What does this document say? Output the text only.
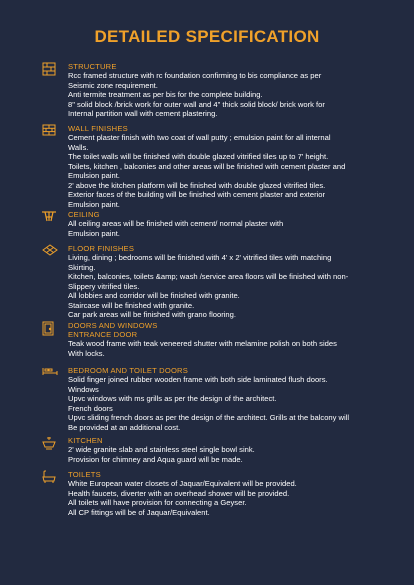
DETAILED SPECIFICATION
STRUCTURE
Rcc framed structure with rc foundation confirming to bis compliance as per
Seismic zone requirement.
Anti termite treatment as per bis for the complete building.
8" solid block /brick work for outer wall and 4" thick solid block/ brick work for
Internal partition wall with cement plastering.
WALL FINISHES
Cement plaster finish with two coat of wall putty ; emulsion paint for all internal
Walls.
The toilet walls will be finished with double glazed vitrified tiles up to 7' height.
Toilets, kitchen , balconies and other areas will be finished with cement plaster and
Emulsion paint.
2' above the kitchen platform will be finished with double glazed vitrified tiles.
Exterior faces of the building will be finished with cement plaster and exterior
Emulsion paint.
CEILING
All ceiling areas will be finished with cement/ normal plaster with
Emulsion paint.
FLOOR FINISHES
Living, dining ; bedrooms will be finished with 4' x 2' vitrified tiles with matching
Skirting.
Kitchen, balconies, toilets &amp; wash /service area floors will be finished with non-
Slippery vitrified tiles.
All lobbies and corridor will be finished with granite.
Staircase will be finished with granite.
Car park areas will be finished with grano flooring.
DOORS AND WINDOWS
ENTRANCE DOOR
Teak wood frame with teak veneered shutter with melamine polish on both sides
With locks.
BEDROOM AND TOILET DOORS
Solid finger joined rubber wooden frame with both side laminated flush doors.
Windows
Upvc windows with ms grills as per the design of the architect.
French doors
Upvc sliding french doors as per the design of the architect. Grills at the balcony will
Be provided at an additional cost.
KITCHEN
2' wide granite slab and stainless steel single bowl sink.
Provision for chimney and Aqua guard will be made.
TOILETS
White European water closets of Jaquar/Equivalent will be provided.
Health faucets, diverter with an overhead shower will be provided.
All toilets will have provision for connecting a Geyser.
All CP fittings will be of Jaquar/Equivalent.
